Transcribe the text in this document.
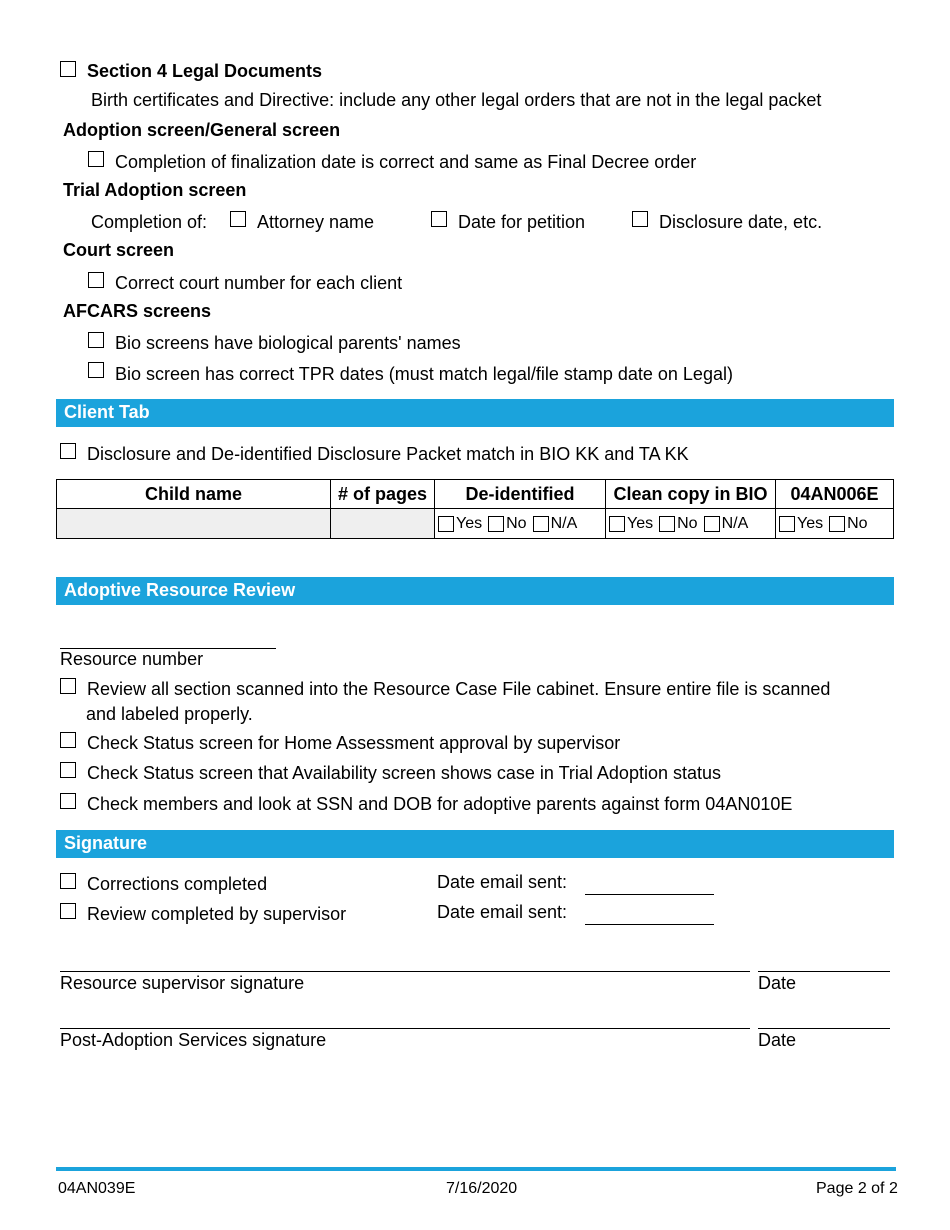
Section 4 Legal Documents
Birth certificates and Directive: include any other legal orders that are not in the legal packet
Adoption screen/General screen
Completion of finalization date is correct and same as Final Decree order
Trial Adoption screen
Completion of:	Attorney name	Date for petition	Disclosure date, etc.
Court screen
Correct court number for each client
AFCARS screens
Bio screens have biological parents' names
Bio screen has correct TPR dates (must match legal/file stamp date on Legal)
Client Tab
Disclosure and De-identified Disclosure Packet match in BIO KK and TA KK
Child name	# of pages	De-identified	Clean copy in BIO	04AN006E

		Yes No N/A	Yes No N/A	Yes No
Adoptive Resource Review
Resource number
Review all section scanned into the Resource Case File cabinet. Ensure entire file is scanned
and labeled properly.
Check Status screen for Home Assessment approval by supervisor
Check Status screen that Availability screen shows case in Trial Adoption status
Check members and look at SSN and DOB for adoptive parents against form 04AN010E
Signature
Corrections completed	Date email sent:
Review completed by supervisor	Date email sent:
Resource supervisor signature	Date
Post-Adoption Services signature	Date
04AN039E	7/16/2020	Page 2 of 2
